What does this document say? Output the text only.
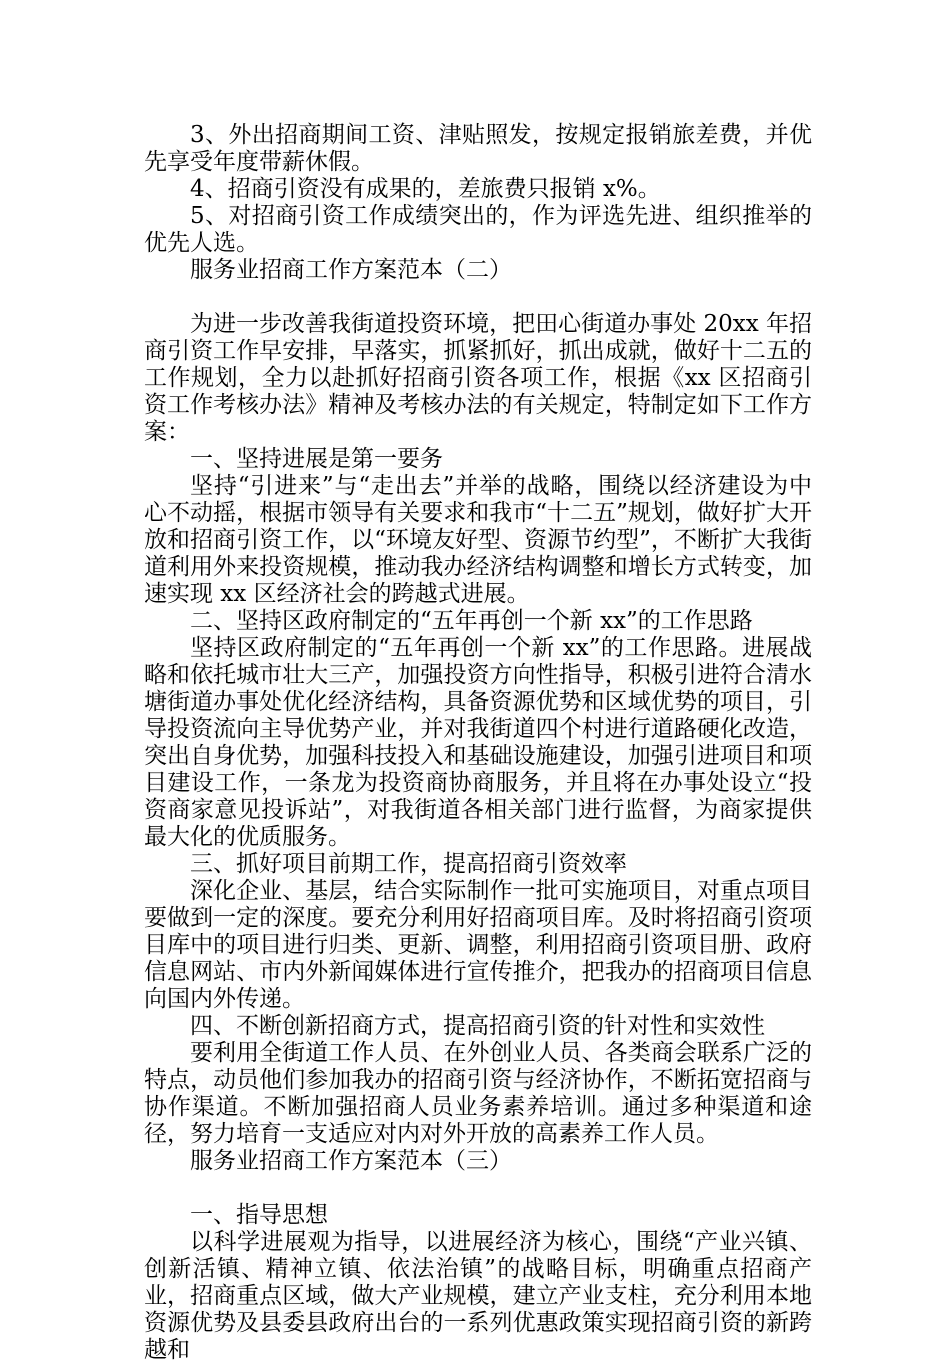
3、外出招商期间工资、津贴照发，按规定报销旅差费，并优先享受年度带薪休假。

4、招商引资没有成果的，差旅费只报销 x%。

5、对招商引资工作成绩突出的，作为评选先进、组织推举的优先人选。

服务业招商工作方案范本（二）

为进一步改善我街道投资环境，把田心街道办事处 20xx 年招商引资工作早安排，早落实，抓紧抓好，抓出成就，做好十二五的工作规划，全力以赴抓好招商引资各项工作，根据《xx 区招商引资工作考核办法》精神及考核办法的有关规定，特制定如下工作方案：

一、坚持进展是第一要务

坚持“引进来”与“走出去”并举的战略，围绕以经济建设为中心不动摇，根据市领导有关要求和我市“十二五”规划，做好扩大开放和招商引资工作，以“环境友好型、资源节约型”，不断扩大我街道利用外来投资规模，推动我办经济结构调整和增长方式转变，加速实现 xx 区经济社会的跨越式进展。

二、坚持区政府制定的“五年再创一个新 xx”的工作思路

坚持区政府制定的“五年再创一个新 xx”的工作思路。进展战略和依托城市壮大三产，加强投资方向性指导，积极引进符合清水塘街道办事处优化经济结构，具备资源优势和区域优势的项目，引导投资流向主导优势产业，并对我街道四个村进行道路硬化改造，突出自身优势，加强科技投入和基础设施建设，加强引进项目和项目建设工作，一条龙为投资商协商服务，并且将在办事处设立“投资商家意见投诉站”，对我街道各相关部门进行监督，为商家提供最大化的优质服务。

三、抓好项目前期工作，提高招商引资效率

深化企业、基层，结合实际制作一批可实施项目，对重点项目要做到一定的深度。要充分利用好招商项目库。及时将招商引资项目库中的项目进行归类、更新、调整，利用招商引资项目册、政府信息网站、市内外新闻媒体进行宣传推介，把我办的招商项目信息向国内外传递。

四、不断创新招商方式，提高招商引资的针对性和实效性

要利用全街道工作人员、在外创业人员、各类商会联系广泛的特点，动员他们参加我办的招商引资与经济协作，不断拓宽招商与协作渠道。不断加强招商人员业务素养培训。通过多种渠道和途径，努力培育一支适应对内对外开放的高素养工作人员。

服务业招商工作方案范本（三）

一、指导思想

以科学进展观为指导，以进展经济为核心，围绕“产业兴镇、创新活镇、精神立镇、依法治镇”的战略目标，明确重点招商产业，招商重点区域，做大产业规模，建立产业支柱，充分利用本地资源优势及县委县政府出台的一系列优惠政策实现招商引资的新跨越和
